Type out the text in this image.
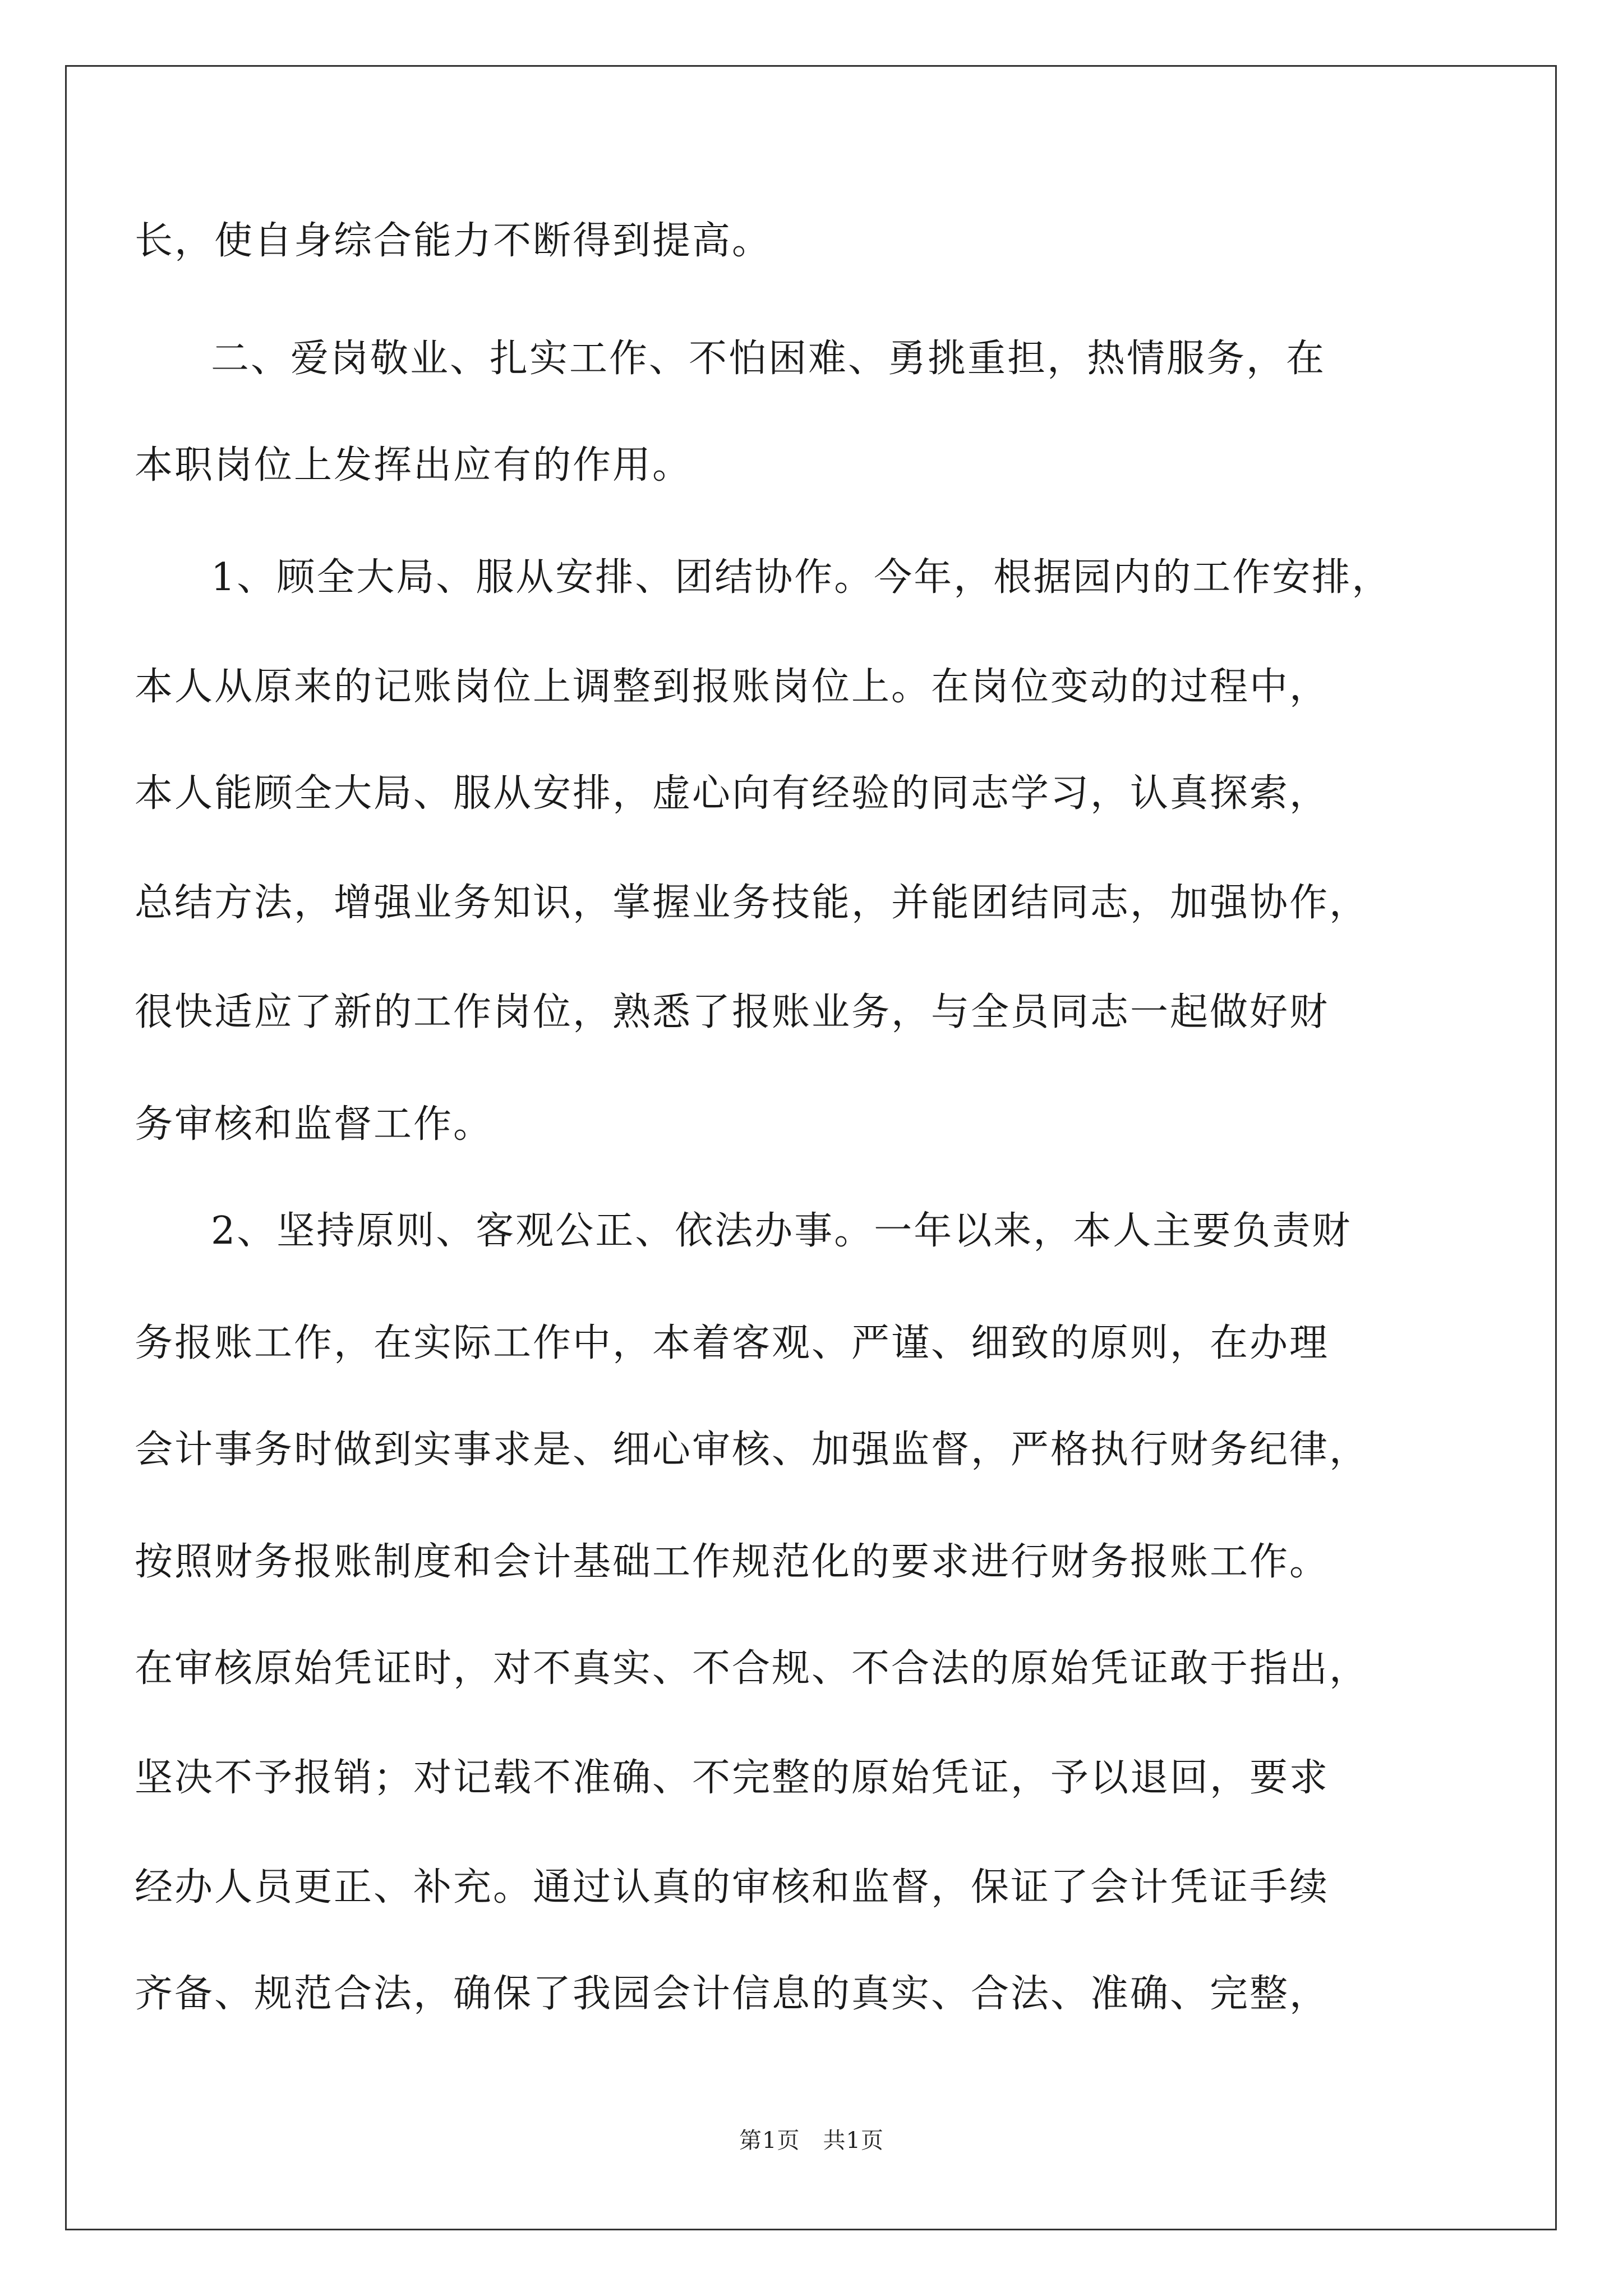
长，使自身综合能力不断得到提高。
二、爱岗敬业、扎实工作、不怕困难、勇挑重担，热情服务，在
本职岗位上发挥出应有的作用。
1、顾全大局、服从安排、团结协作。今年，根据园内的工作安排，
本人从原来的记账岗位上调整到报账岗位上。在岗位变动的过程中，
本人能顾全大局、服从安排，虚心向有经验的同志学习，认真探索，
总结方法，增强业务知识，掌握业务技能，并能团结同志，加强协作，
很快适应了新的工作岗位，熟悉了报账业务，与全员同志一起做好财
务审核和监督工作。
2、坚持原则、客观公正、依法办事。一年以来，本人主要负责财
务报账工作，在实际工作中，本着客观、严谨、细致的原则，在办理
会计事务时做到实事求是、细心审核、加强监督，严格执行财务纪律，
按照财务报账制度和会计基础工作规范化的要求进行财务报账工作。
在审核原始凭证时，对不真实、不合规、不合法的原始凭证敢于指出，
坚决不予报销；对记载不准确、不完整的原始凭证，予以退回，要求
经办人员更正、补充。通过认真的审核和监督，保证了会计凭证手续
齐备、规范合法，确保了我园会计信息的真实、合法、准确、完整，
第1页　共1页
